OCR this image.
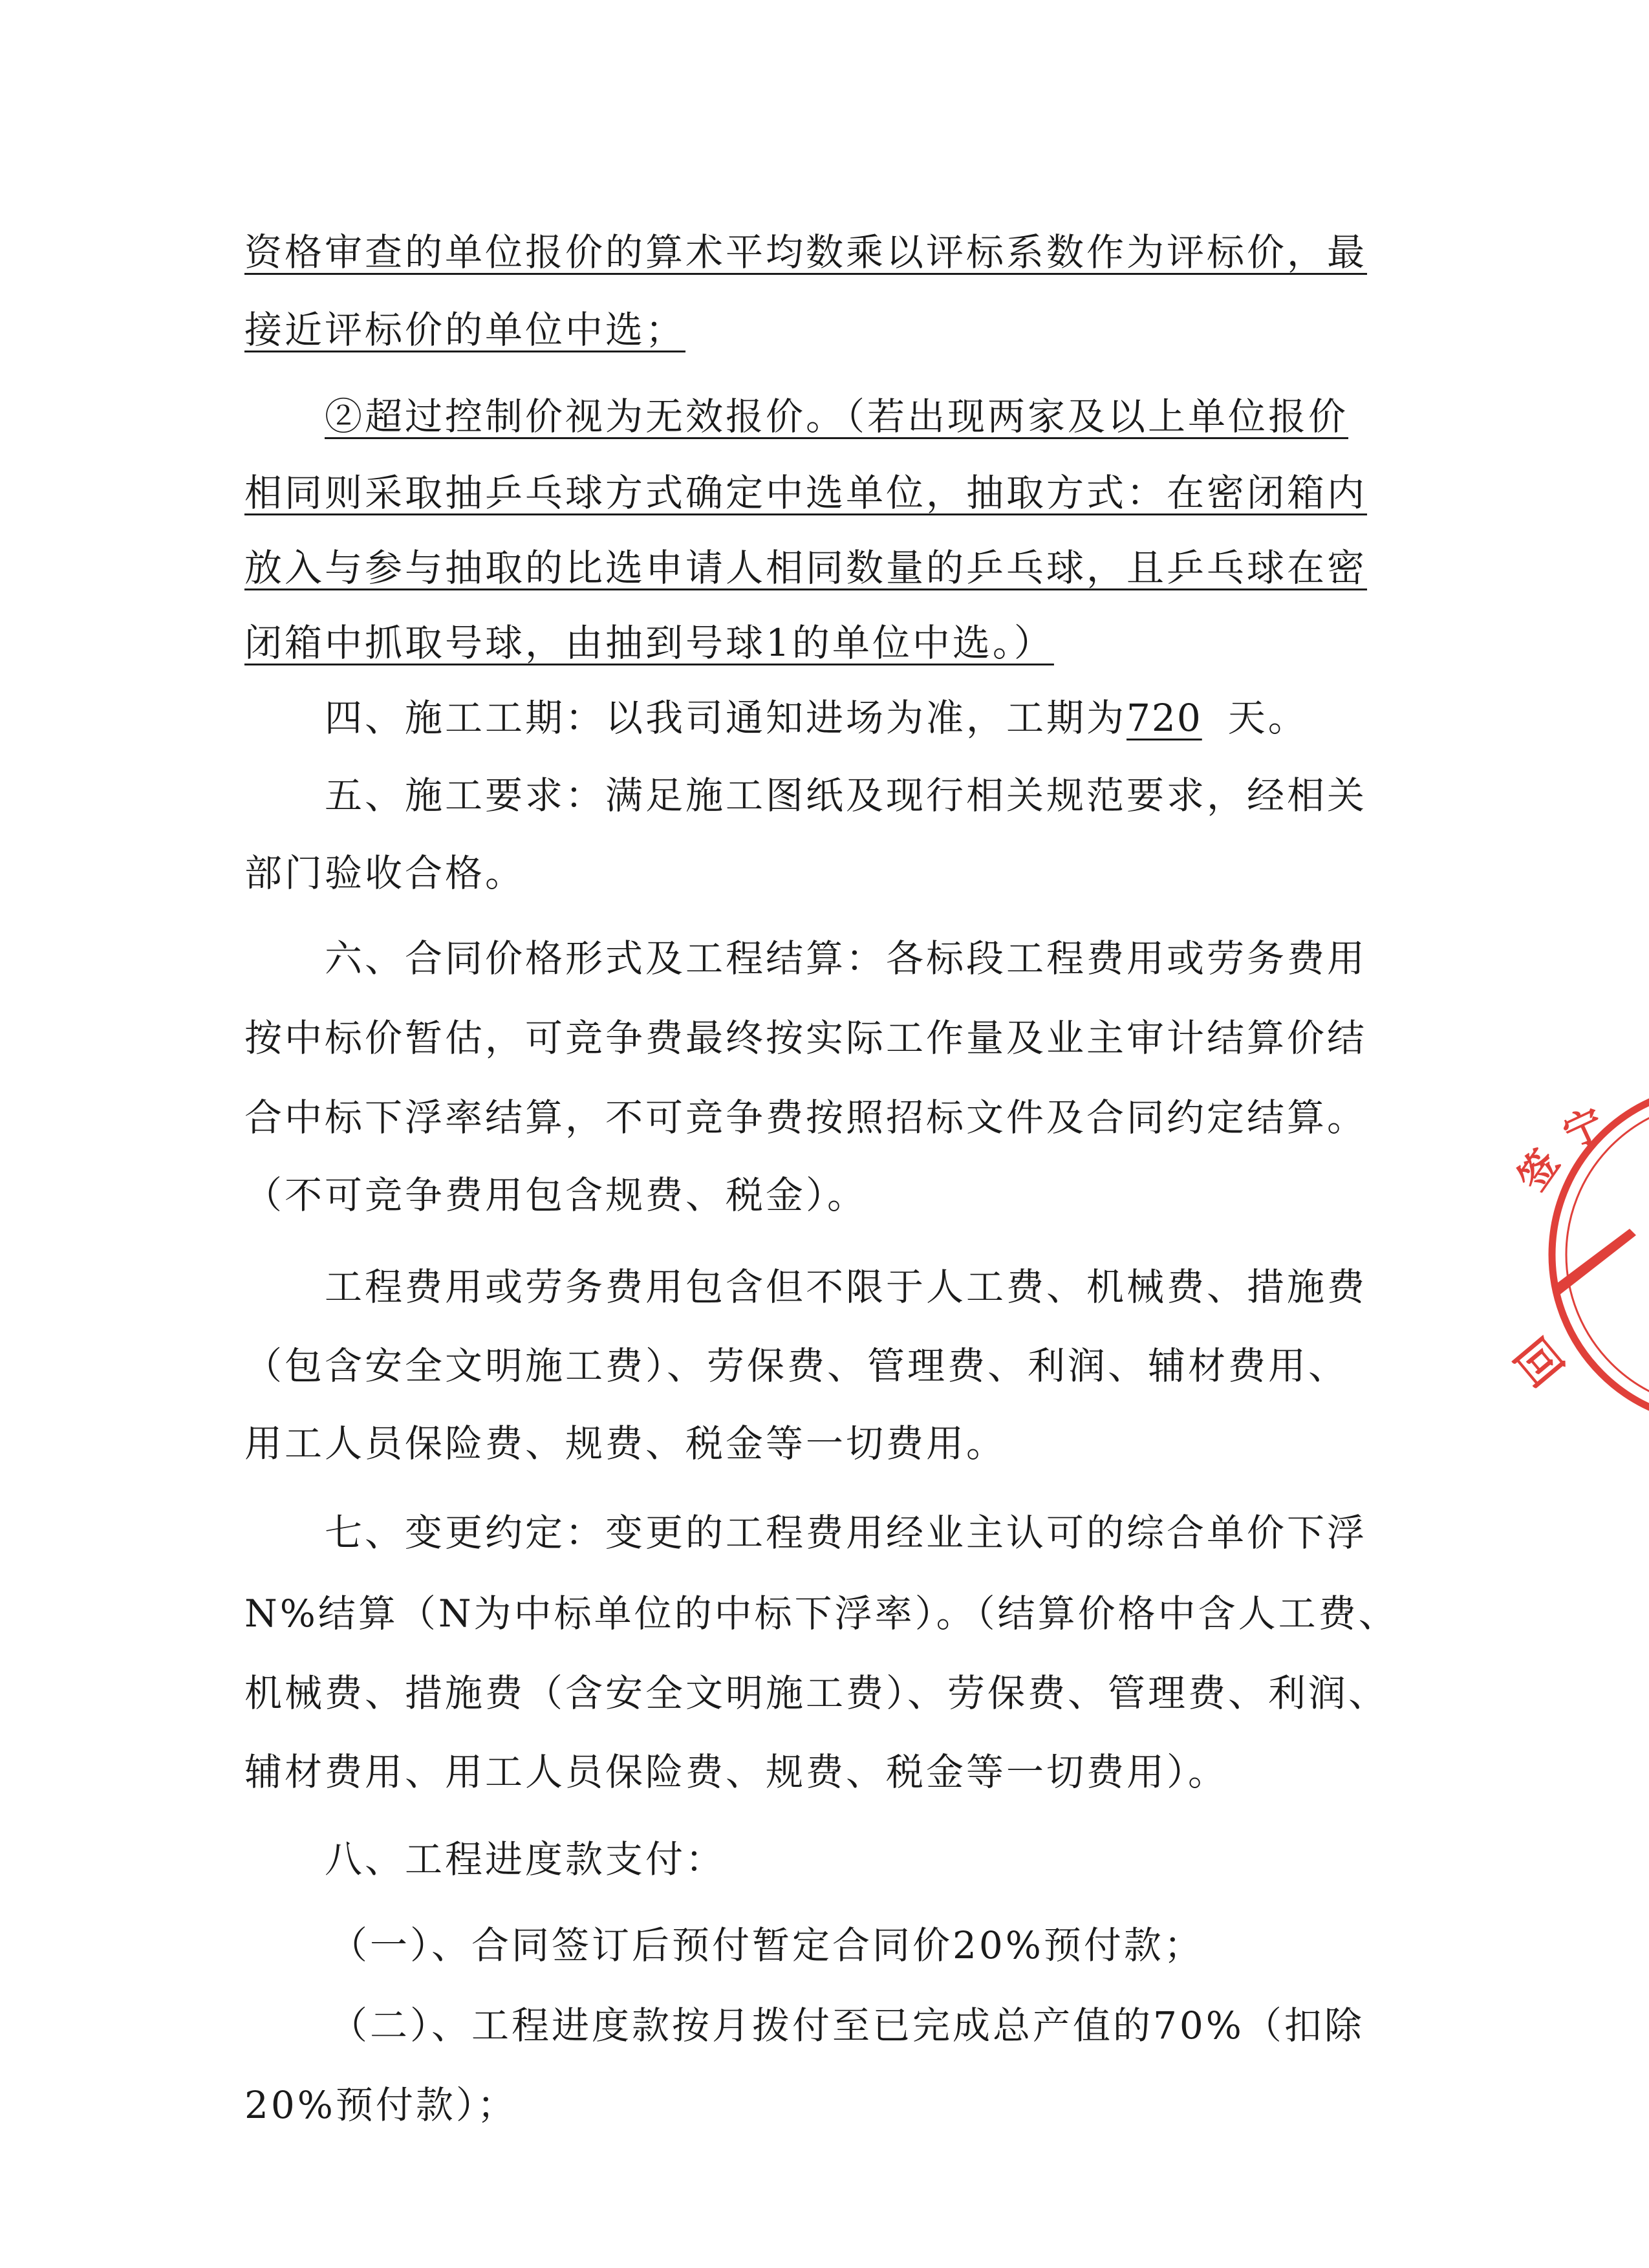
资格审查的单位报价的算术平均数乘以评标系数作为评标价，最
接近评标价的单位中选；
②超过控制价视为无效报价。（若出现两家及以上单位报价
相同则采取抽乒乓球方式确定中选单位，抽取方式：在密闭箱内
放入与参与抽取的比选申请人相同数量的乒乓球，且乒乓球在密
闭箱中抓取号球，由抽到号球1的单位中选。）
四、施工工期：以我司通知进场为准，工期为720 天。
五、施工要求：满足施工图纸及现行相关规范要求，经相关
部门验收合格。
六、合同价格形式及工程结算：各标段工程费用或劳务费用
按中标价暂估，可竞争费最终按实际工作量及业主审计结算价结
合中标下浮率结算，不可竞争费按照招标文件及合同约定结算。
（不可竞争费用包含规费、税金）。
工程费用或劳务费用包含但不限于人工费、机械费、措施费
（包含安全文明施工费）、劳保费、管理费、利润、辅材费用、
用工人员保险费、规费、税金等一切费用。
七、变更约定：变更的工程费用经业主认可的综合单价下浮
N%结算（N为中标单位的中标下浮率）。（结算价格中含人工费、
机械费、措施费（含安全文明施工费）、劳保费、管理费、利润、
辅材费用、用工人员保险费、规费、税金等一切费用）。
八、工程进度款支付：
（一）、合同签订后预付暂定合同价20%预付款；
（二）、工程进度款按月拨付至已完成总产值的70%（扣除
20%预付款）；
签
宁
回
